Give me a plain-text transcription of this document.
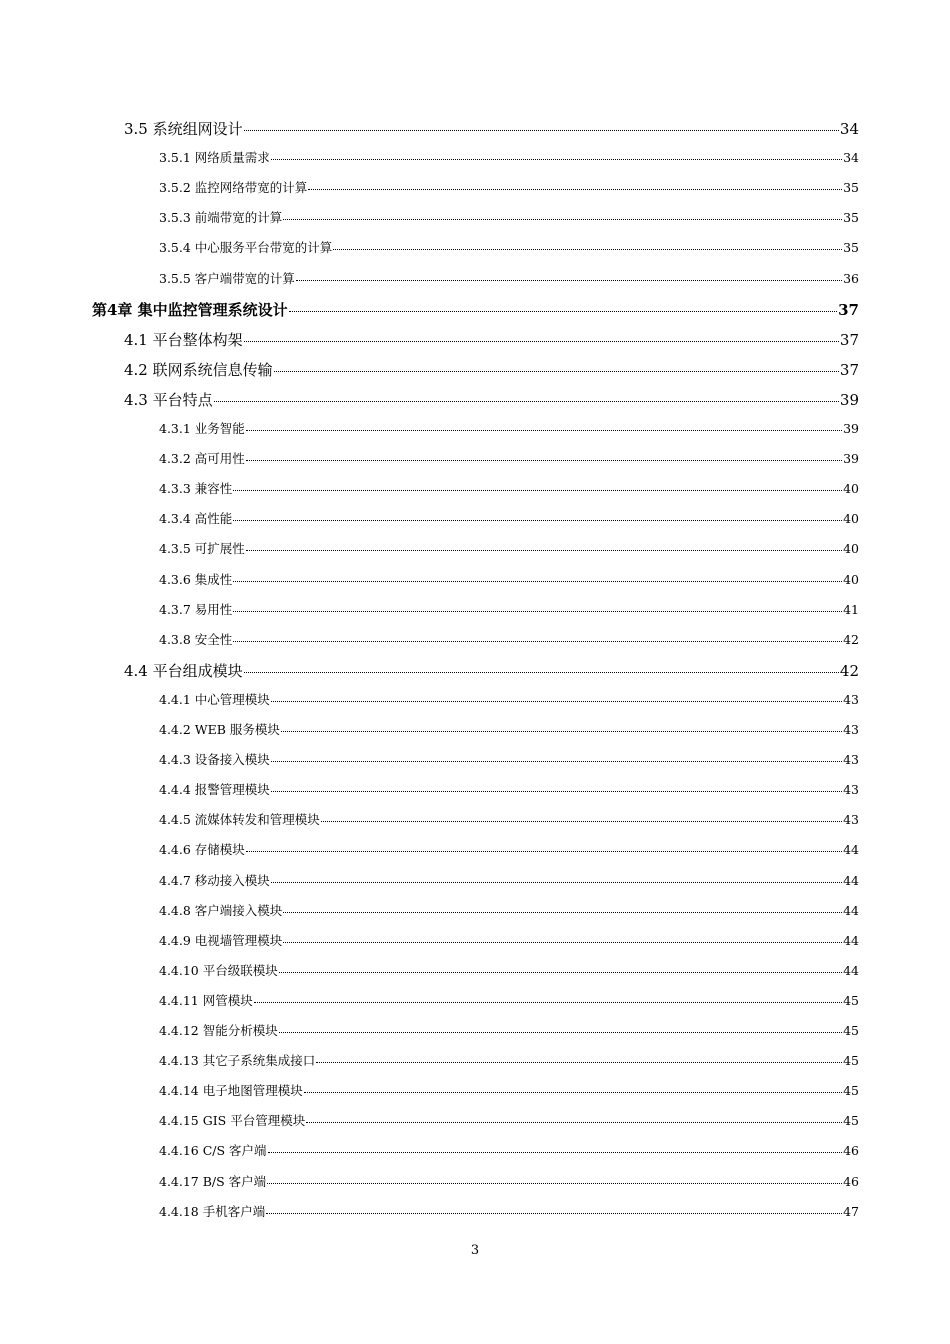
3.5 系统组网设计	34
3.5.1 网络质量需求	34
3.5.2 监控网络带宽的计算	35
3.5.3 前端带宽的计算	35
3.5.4 中心服务平台带宽的计算	35
3.5.5 客户端带宽的计算	36
第4章 集中监控管理系统设计	37
4.1 平台整体构架	37
4.2 联网系统信息传输	37
4.3 平台特点	39
4.3.1 业务智能	39
4.3.2 高可用性	39
4.3.3 兼容性	40
4.3.4 高性能	40
4.3.5 可扩展性	40
4.3.6 集成性	40
4.3.7 易用性	41
4.3.8 安全性	42
4.4 平台组成模块	42
4.4.1 中心管理模块	43
4.4.2 WEB 服务模块	43
4.4.3 设备接入模块	43
4.4.4 报警管理模块	43
4.4.5 流媒体转发和管理模块	43
4.4.6 存储模块	44
4.4.7 移动接入模块	44
4.4.8 客户端接入模块	44
4.4.9 电视墙管理模块	44
4.4.10 平台级联模块	44
4.4.11 网管模块	45
4.4.12 智能分析模块	45
4.4.13 其它子系统集成接口	45
4.4.14 电子地图管理模块	45
4.4.15 GIS 平台管理模块	45
4.4.16 C/S 客户端	46
4.4.17 B/S 客户端	46
4.4.18 手机客户端	47
3
